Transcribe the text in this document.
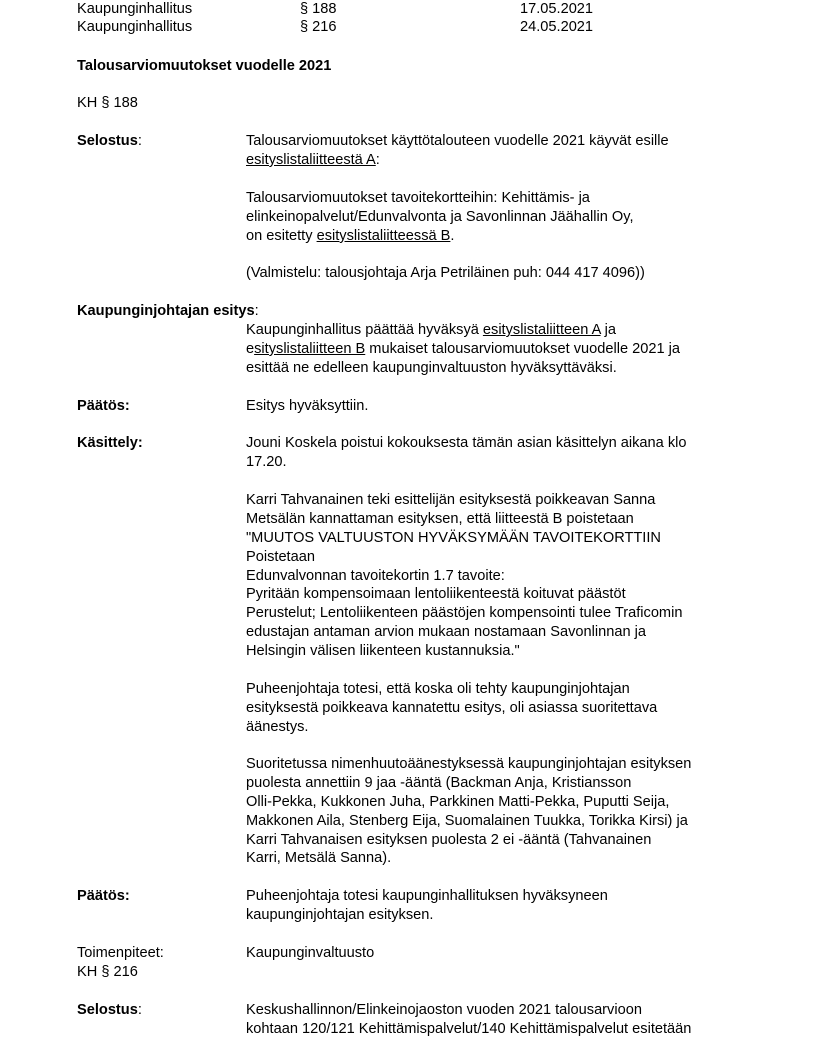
Kaupunginhallitus	§ 188	17.05.2021
Kaupunginhallitus	§ 216	24.05.2021
Talousarviomuutokset vuodelle 2021
KH § 188
Selostus:	Talousarviomuutokset käyttötalouteen vuodelle 2021 käyvät esille
esityslistaliitteestä A:
Talousarviomuutokset tavoitekortteihin: Kehittämis- ja
elinkeinopalvelut/Edunvalvonta ja Savonlinnan Jäähallin Oy,
on esitetty esityslistaliitteessä B.
(Valmistelu: talousjohtaja Arja Petriläinen puh: 044 417 4096))
Kaupunginjohtajan esitys:
Kaupunginhallitus päättää hyväksyä esityslistaliitteen A ja
esityslistaliitteen B mukaiset talousarviomuutokset vuodelle 2021 ja
esittää ne edelleen kaupunginvaltuuston hyväksyttäväksi.
Päätös:	Esitys hyväksyttiin.
Käsittely:	Jouni Koskela poistui kokouksesta tämän asian käsittelyn aikana klo
17.20.
Karri Tahvanainen teki esittelijän esityksestä poikkeavan Sanna
Metsälän kannattaman esityksen, että liitteestä B poistetaan
"MUUTOS VALTUUSTON HYVÄKSYMÄÄN TAVOITEKORTTIIN
Poistetaan
Edunvalvonnan tavoitekortin 1.7 tavoite:
Pyritään kompensoimaan lentoliikenteestä koituvat päästöt
Perustelut; Lentoliikenteen päästöjen kompensointi tulee Traficomin
edustajan antaman arvion mukaan nostamaan Savonlinnan ja
Helsingin välisen liikenteen kustannuksia."
Puheenjohtaja totesi, että koska oli tehty kaupunginjohtajan
esityksestä poikkeava kannatettu esitys, oli asiassa suoritettava
äänestys.
Suoritetussa nimenhuutoäänestyksessä kaupunginjohtajan esityksen
puolesta annettiin 9 jaa -ääntä (Backman Anja, Kristiansson
Olli-Pekka, Kukkonen Juha, Parkkinen Matti-Pekka, Puputti Seija,
Makkonen Aila, Stenberg Eija, Suomalainen Tuukka, Torikka Kirsi) ja
Karri Tahvanaisen esityksen puolesta 2 ei -ääntä (Tahvanainen
Karri, Metsälä Sanna).
Päätös:	Puheenjohtaja totesi kaupunginhallituksen hyväksyneen
kaupunginjohtajan esityksen.
Toimenpiteet:	Kaupunginvaltuusto
KH § 216
Selostus:	Keskushallinnon/Elinkeinojaoston vuoden 2021 talousarvioon
kohtaan 120/121 Kehittämispalvelut/140 Kehittämispalvelut esitetään
